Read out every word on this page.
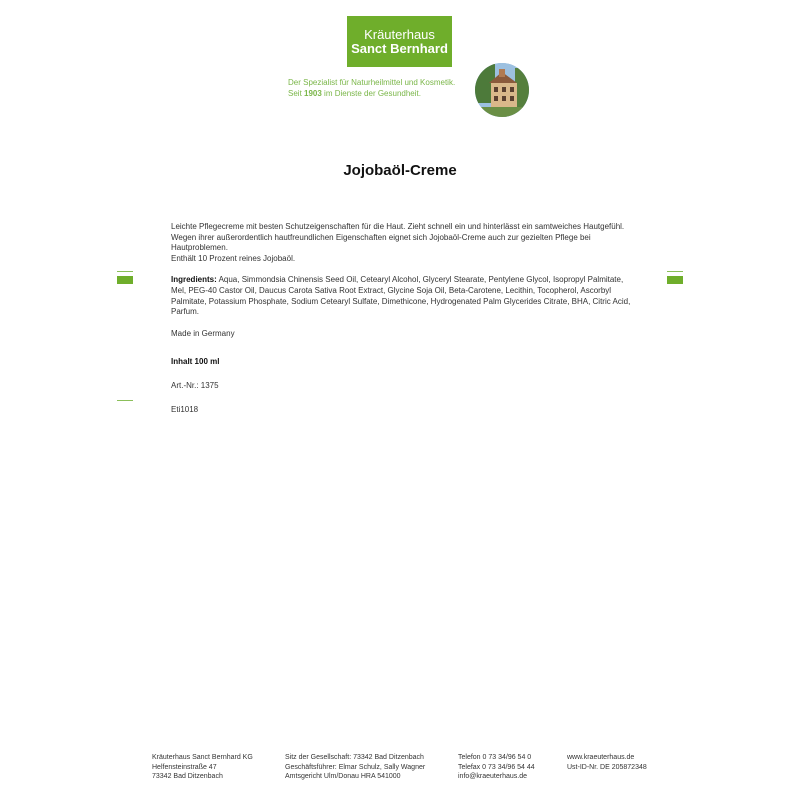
Kräuterhaus
Sanct Bernhard
Der Spezialist für Naturheilmittel und Kosmetik.
Seit 1903 im Dienste der Gesundheit.
Jojobaöl-Creme

Leichte Pflegecreme mit besten Schutzeigenschaften für die Haut. Zieht schnell ein und hinterlässt ein samtweiches Hautgefühl. Wegen ihrer außerordentlich hautfreundlichen Eigenschaften eignet sich Jojobaöl-Creme auch zur gezielten Pflege bei Hautproblemen.

Enthält 10 Prozent reines Jojobaöl.

Ingredients: Aqua, Simmondsia Chinensis Seed Oil, Cetearyl Alcohol, Glyceryl Stearate, Pentylene Glycol, Isopropyl Palmitate, Mel, PEG-40 Castor Oil, Daucus Carota Sativa Root Extract, Glycine Soja Oil, Beta-Carotene, Lecithin, Tocopherol, Ascorbyl Palmitate, Potassium Phosphate, Sodium Cetearyl Sulfate, Dimethicone, Hydrogenated Palm Glycerides Citrate, BHA, Citric Acid, Parfum.

Made in Germany

Inhalt 100 ml

Art.-Nr.: 1375

Eti1018

Kräuterhaus Sanct Bernhard KG
Helfensteinstraße 47
73342 Bad Ditzenbach
Sitz der Gesellschaft: 73342 Bad Ditzenbach
Geschäftsführer: Elmar Schulz, Sally Wagner
Amtsgericht Ulm/Donau HRA 541000
Telefon 0 73 34/96 54 0
Telefax 0 73 34/96 54 44
info@kraeuterhaus.de
www.kraeuterhaus.de
Ust-ID-Nr. DE 205872348
